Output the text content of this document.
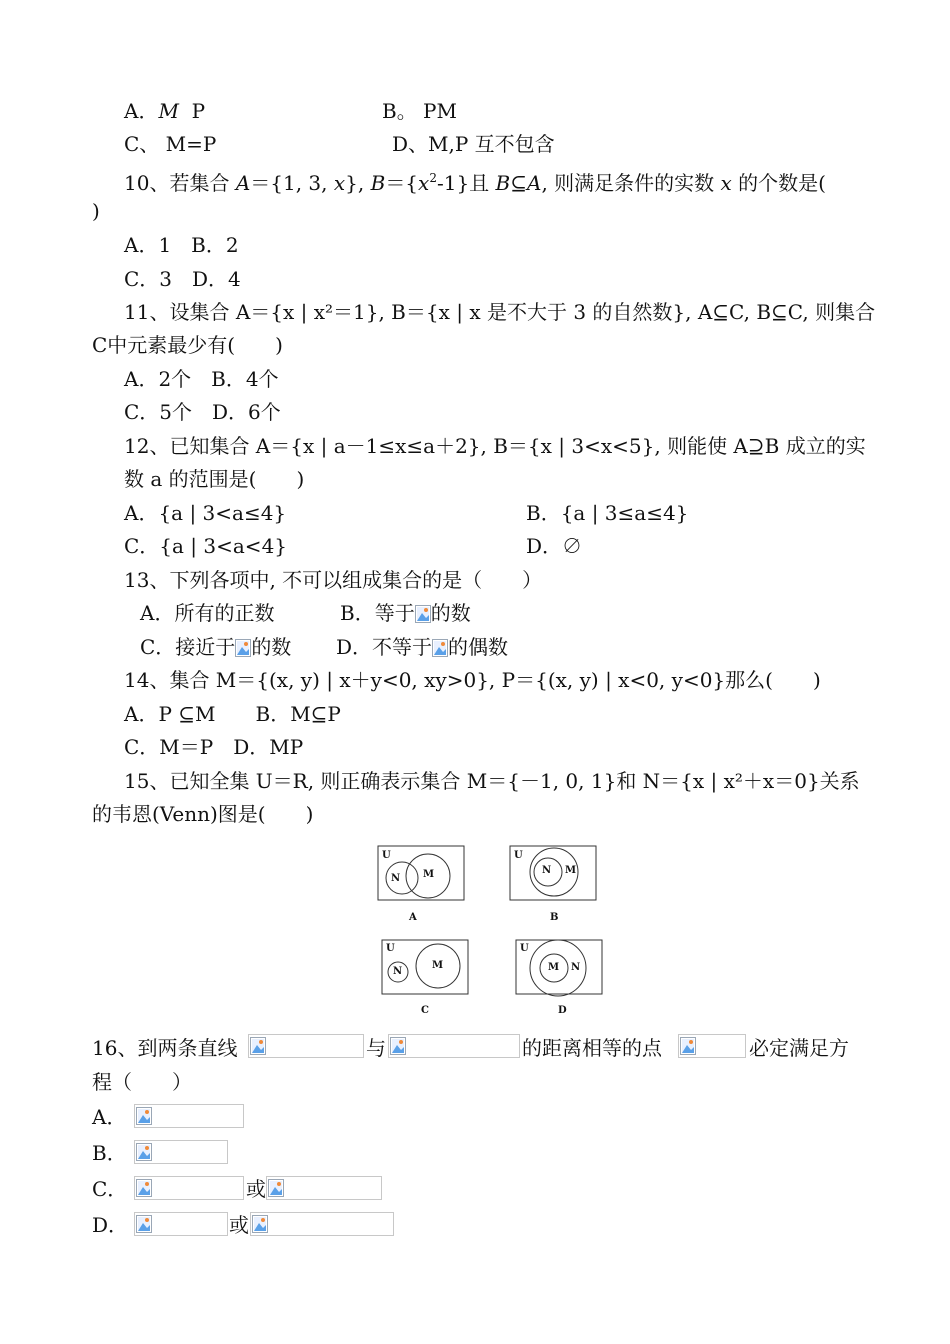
A．M P	B。 PM
C、 M=P	D、M,P 互不包含
10、若集合 A＝{1, 3, x}, $B=\{x^2-1\}$且 B⊆A, 则满足条件的实数 x 的个数是(
)
A．1　B．2
C．3　D．4
11、设集合 A＝{x | x²＝1}, B＝{x | x 是不大于 3 的自然数}, A⊆C, B⊆C, 则集合
C中元素最少有(　　)
A．2个　B．4个
C．5个　D．6个
12、已知集合 A＝{x | a－1≤x≤a＋2}, B＝{x | 3<x<5}, 则能使 A⊇B 成立的实
数 a 的范围是(　　)
A．{a | 3<a≤4}	B．{a | 3≤a≤4}
C．{a | 3<a<4}	D．∅
13、下列各项中, 不可以组成集合的是（　　）
A．所有的正数	B．等于 的数
C．接近于 的数 D．不等于 的偶数
14、集合 M＝{(x, y) | x＋y<0, xy>0}, P＝{(x, y) | x<0, y<0}那么(　　)
A．P ⊆M　　B．M⊆P
C．M＝P　D．MP
15、已知全集 U＝R, 则正确表示集合 M＝{－1, 0, 1}和 N＝{x | x²＋x＝0}关系
的韦恩(Venn)图是(　　)
U
N M
A
U
N M
B
U
N
M
C
U
M N
D
16、到两条直线	与	的距离相等的点	必定满足方
程（　　）
A．
B．
C．	或
D．	或
